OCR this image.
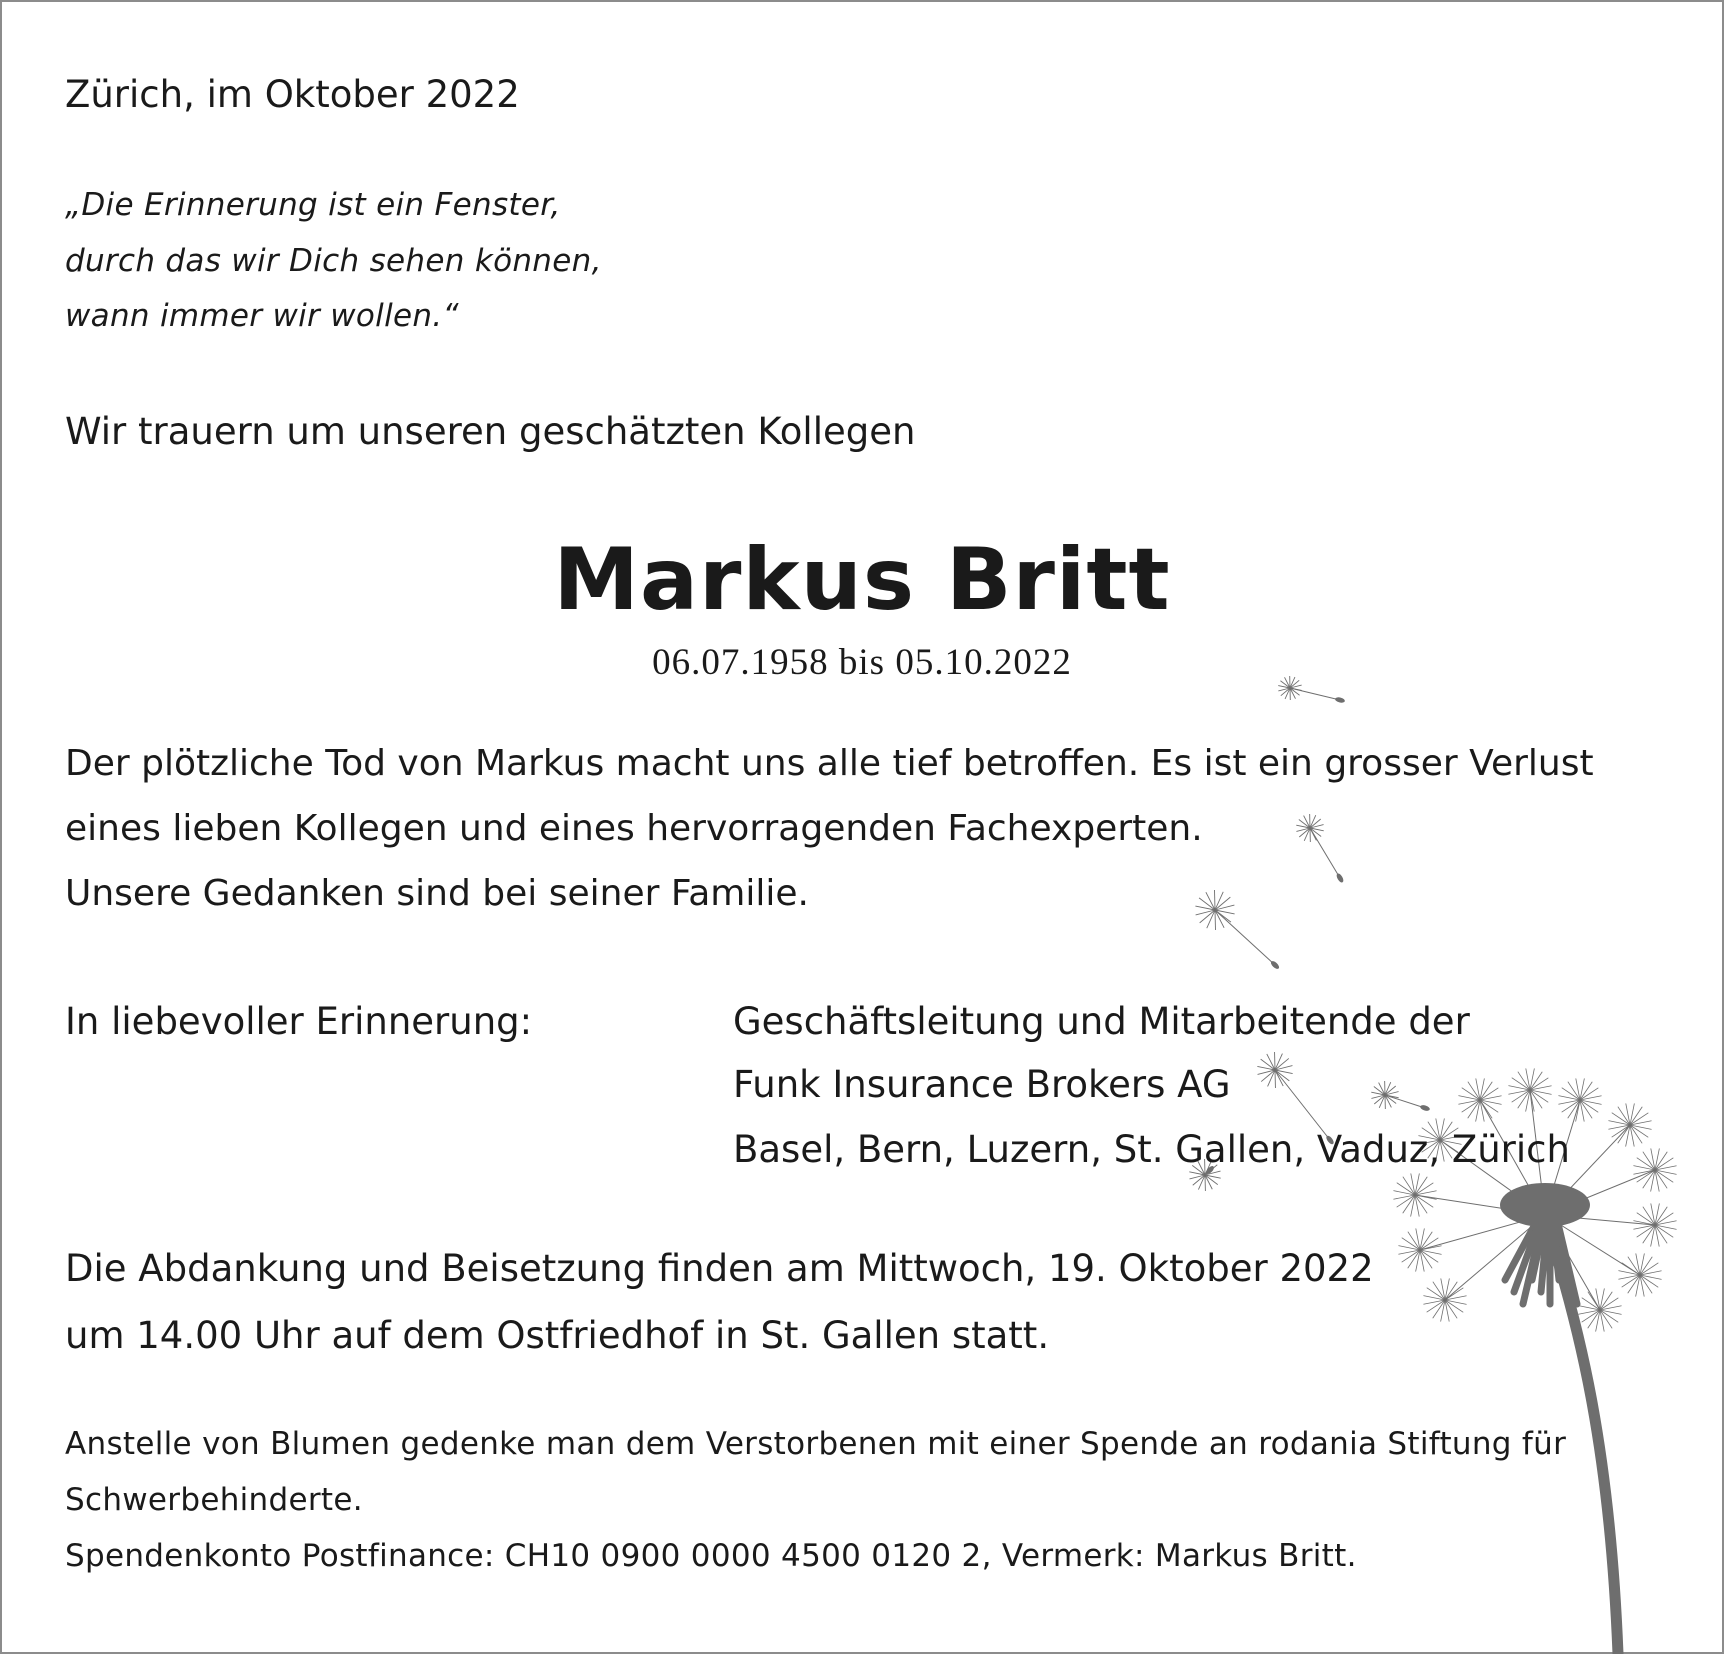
Zürich, im Oktober 2022
„Die Erinnerung ist ein Fenster,
durch das wir Dich sehen können,
wann immer wir wollen.“
Wir trauern um unseren geschätzten Kollegen
Markus Britt
06.07.1958 bis 05.10.2022
Der plötzliche Tod von Markus macht uns alle tief betroffen. Es ist ein grosser Verlust
eines lieben Kollegen und eines hervorragenden Fachexperten.
Unsere Gedanken sind bei seiner Familie.
In liebevoller Erinnerung:	Geschäftsleitung und Mitarbeitende der
Funk Insurance Brokers AG
Basel, Bern, Luzern, St. Gallen, Vaduz, Zürich
Die Abdankung und Beisetzung finden am Mittwoch, 19. Oktober 2022
um 14.00 Uhr auf dem Ostfriedhof in St. Gallen statt.
Anstelle von Blumen gedenke man dem Verstorbenen mit einer Spende an rodania Stiftung für
Schwerbehinderte.
Spendenkonto Postfinance: CH10 0900 0000 4500 0120 2, Vermerk: Markus Britt.
